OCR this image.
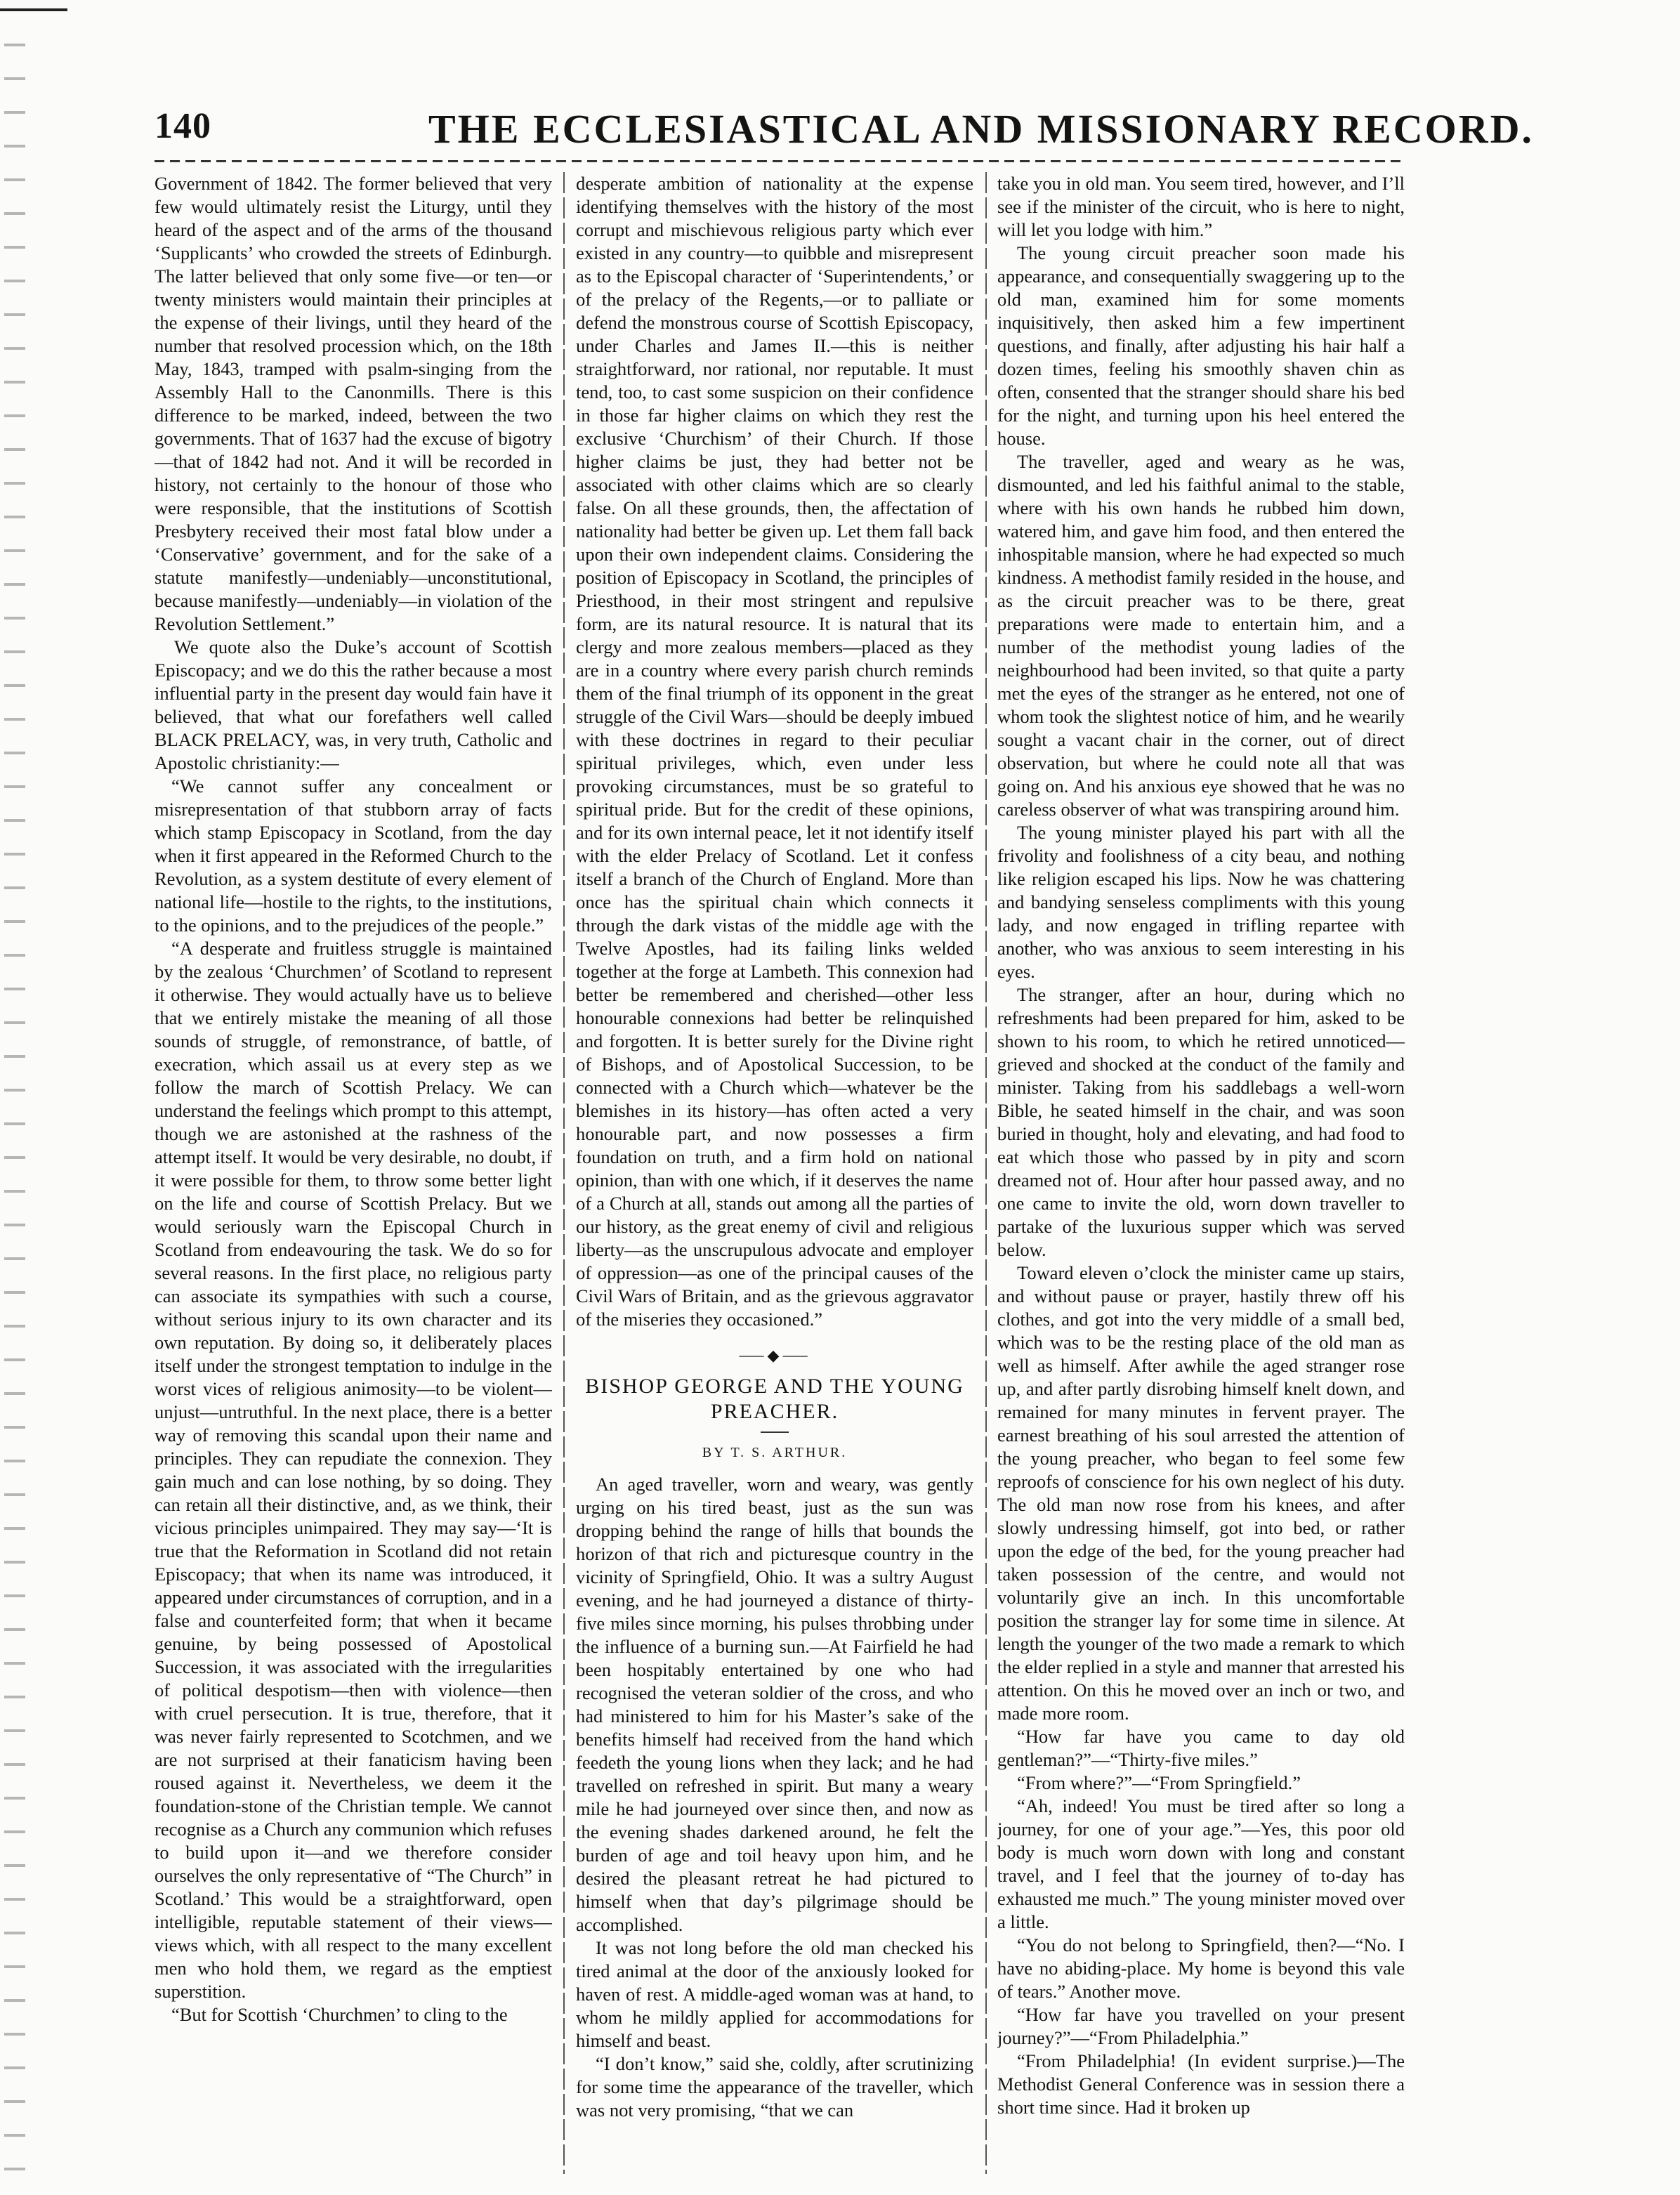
140	THE ECCLESIASTICAL AND MISSIONARY RECORD.

Government of 1842. The former believed that very few would ultimately resist the Liturgy, until they heard of the aspect and of the arms of the thousand ‘Supplicants’ who crowded the streets of Edinburgh. The latter believed that only some five—or ten—or twenty ministers would maintain their principles at the expense of their livings, until they heard of the number that resolved procession which, on the 18th May, 1843, tramped with psalm-singing from the Assembly Hall to the Canonmills. There is this difference to be marked, indeed, between the two governments. That of 1637 had the excuse of bigotry—that of 1842 had not. And it will be recorded in history, not certainly to the honour of those who were responsible, that the institutions of Scottish Presbytery received their most fatal blow under a ‘Conservative’ government, and for the sake of a statute manifestly—undeniably—unconstitutional, because manifestly—undeniably—in violation of the Revolution Settlement.”

We quote also the Duke’s account of Scottish Episcopacy; and we do this the rather because a most influential party in the present day would fain have it believed, that what our forefathers well called BLACK PRELACY, was, in very truth, Catholic and Apostolic christianity:—

“We cannot suffer any concealment or misrepresentation of that stubborn array of facts which stamp Episcopacy in Scotland, from the day when it first appeared in the Reformed Church to the Revolution, as a system destitute of every element of national life—hostile to the rights, to the institutions, to the opinions, and to the prejudices of the people.”

“A desperate and fruitless struggle is maintained by the zealous ‘Churchmen’ of Scotland to represent it otherwise. They would actually have us to believe that we entirely mistake the meaning of all those sounds of struggle, of remonstrance, of battle, of execration, which assail us at every step as we follow the march of Scottish Prelacy. We can understand the feelings which prompt to this attempt, though we are astonished at the rashness of the attempt itself. It would be very desirable, no doubt, if it were possible for them, to throw some better light on the life and course of Scottish Prelacy. But we would seriously warn the Episcopal Church in Scotland from endeavouring the task. We do so for several reasons. In the first place, no religious party can associate its sympathies with such a course, without serious injury to its own character and its own reputation. By doing so, it deliberately places itself under the strongest temptation to indulge in the worst vices of religious animosity—to be violent—unjust—untruthful. In the next place, there is a better way of removing this scandal upon their name and principles. They can repudiate the connexion. They gain much and can lose nothing, by so doing. They can retain all their distinctive, and, as we think, their vicious principles unimpaired. They may say—‘It is true that the Reformation in Scotland did not retain Episcopacy; that when its name was introduced, it appeared under circumstances of corruption, and in a false and counterfeited form; that when it became genuine, by being possessed of Apostolical Succession, it was associated with the irregularities of political despotism—then with violence—then with cruel persecution. It is true, therefore, that it was never fairly represented to Scotchmen, and we are not surprised at their fanaticism having been roused against it. Nevertheless, we deem it the foundation-stone of the Christian temple. We cannot recognise as a Church any communion which refuses to build upon it—and we therefore consider ourselves the only representative of “The Church” in Scotland.’ This would be a straightforward, open intelligible, reputable statement of their views—views which, with all respect to the many excellent men who hold them, we regard as the emptiest superstition.

“But for Scottish ‘Churchmen’ to cling to the

desperate ambition of nationality at the expense identifying themselves with the history of the most corrupt and mischievous religious party which ever existed in any country—to quibble and misrepresent as to the Episcopal character of ‘Superintendents,’ or of the prelacy of the Regents,—or to palliate or defend the monstrous course of Scottish Episcopacy, under Charles and James II.—this is neither straightforward, nor rational, nor reputable. It must tend, too, to cast some suspicion on their confidence in those far higher claims on which they rest the exclusive ‘Churchism’ of their Church. If those higher claims be just, they had better not be associated with other claims which are so clearly false. On all these grounds, then, the affectation of nationality had better be given up. Let them fall back upon their own independent claims. Considering the position of Episcopacy in Scotland, the principles of Priesthood, in their most stringent and repulsive form, are its natural resource. It is natural that its clergy and more zealous members—placed as they are in a country where every parish church reminds them of the final triumph of its opponent in the great struggle of the Civil Wars—should be deeply imbued with these doctrines in regard to their peculiar spiritual privileges, which, even under less provoking circumstances, must be so grateful to spiritual pride. But for the credit of these opinions, and for its own internal peace, let it not identify itself with the elder Prelacy of Scotland. Let it confess itself a branch of the Church of England. More than once has the spiritual chain which connects it through the dark vistas of the middle age with the Twelve Apostles, had its failing links welded together at the forge at Lambeth. This connexion had better be remembered and cherished—other less honourable connexions had better be relinquished and forgotten. It is better surely for the Divine right of Bishops, and of Apostolical Succession, to be connected with a Church which—whatever be the blemishes in its history—has often acted a very honourable part, and now possesses a firm foundation on truth, and a firm hold on national opinion, than with one which, if it deserves the name of a Church at all, stands out among all the parties of our history, as the great enemy of civil and religious liberty—as the unscrupulous advocate and employer of oppression—as one of the principal causes of the Civil Wars of Britain, and as the grievous aggravator of the miseries they occasioned.”

⸺◆⸺
BISHOP GEORGE AND THE YOUNG PREACHER.
BY T. S. ARTHUR.

An aged traveller, worn and weary, was gently urging on his tired beast, just as the sun was dropping behind the range of hills that bounds the horizon of that rich and picturesque country in the vicinity of Springfield, Ohio. It was a sultry August evening, and he had journeyed a distance of thirty-five miles since morning, his pulses throbbing under the influence of a burning sun.—At Fairfield he had been hospitably entertained by one who had recognised the veteran soldier of the cross, and who had ministered to him for his Master’s sake of the benefits himself had received from the hand which feedeth the young lions when they lack; and he had travelled on refreshed in spirit. But many a weary mile he had journeyed over since then, and now as the evening shades darkened around, he felt the burden of age and toil heavy upon him, and he desired the pleasant retreat he had pictured to himself when that day’s pilgrimage should be accomplished.

It was not long before the old man checked his tired animal at the door of the anxiously looked for haven of rest. A middle-aged woman was at hand, to whom he mildly applied for accommodations for himself and beast.

“I don’t know,” said she, coldly, after scrutinizing for some time the appearance of the traveller, which was not very promising, “that we can

take you in old man. You seem tired, however, and I’ll see if the minister of the circuit, who is here to night, will let you lodge with him.”

The young circuit preacher soon made his appearance, and consequentially swaggering up to the old man, examined him for some moments inquisitively, then asked him a few impertinent questions, and finally, after adjusting his hair half a dozen times, feeling his smoothly shaven chin as often, consented that the stranger should share his bed for the night, and turning upon his heel entered the house.

The traveller, aged and weary as he was, dismounted, and led his faithful animal to the stable, where with his own hands he rubbed him down, watered him, and gave him food, and then entered the inhospitable mansion, where he had expected so much kindness. A methodist family resided in the house, and as the circuit preacher was to be there, great preparations were made to entertain him, and a number of the methodist young ladies of the neighbourhood had been invited, so that quite a party met the eyes of the stranger as he entered, not one of whom took the slightest notice of him, and he wearily sought a vacant chair in the corner, out of direct observation, but where he could note all that was going on. And his anxious eye showed that he was no careless observer of what was transpiring around him.

The young minister played his part with all the frivolity and foolishness of a city beau, and nothing like religion escaped his lips. Now he was chattering and bandying senseless compliments with this young lady, and now engaged in trifling repartee with another, who was anxious to seem interesting in his eyes.

The stranger, after an hour, during which no refreshments had been prepared for him, asked to be shown to his room, to which he retired unnoticed—grieved and shocked at the conduct of the family and minister. Taking from his saddlebags a well-worn Bible, he seated himself in the chair, and was soon buried in thought, holy and elevating, and had food to eat which those who passed by in pity and scorn dreamed not of. Hour after hour passed away, and no one came to invite the old, worn down traveller to partake of the luxurious supper which was served below.

Toward eleven o’clock the minister came up stairs, and without pause or prayer, hastily threw off his clothes, and got into the very middle of a small bed, which was to be the resting place of the old man as well as himself. After awhile the aged stranger rose up, and after partly disrobing himself knelt down, and remained for many minutes in fervent prayer. The earnest breathing of his soul arrested the attention of the young preacher, who began to feel some few reproofs of conscience for his own neglect of his duty. The old man now rose from his knees, and after slowly undressing himself, got into bed, or rather upon the edge of the bed, for the young preacher had taken possession of the centre, and would not voluntarily give an inch. In this uncomfortable position the stranger lay for some time in silence. At length the younger of the two made a remark to which the elder replied in a style and manner that arrested his attention. On this he moved over an inch or two, and made more room.

“How far have you came to day old gentleman?”—“Thirty-five miles.”

“From where?”—“From Springfield.”

“Ah, indeed! You must be tired after so long a journey, for one of your age.”—Yes, this poor old body is much worn down with long and constant travel, and I feel that the journey of to-day has exhausted me much.” The young minister moved over a little.

“You do not belong to Springfield, then?—“No. I have no abiding-place. My home is beyond this vale of tears.” Another move.

“How far have you travelled on your present journey?”—“From Philadelphia.”

“From Philadelphia! (In evident surprise.)—The Methodist General Conference was in session there a short time since. Had it broken up
